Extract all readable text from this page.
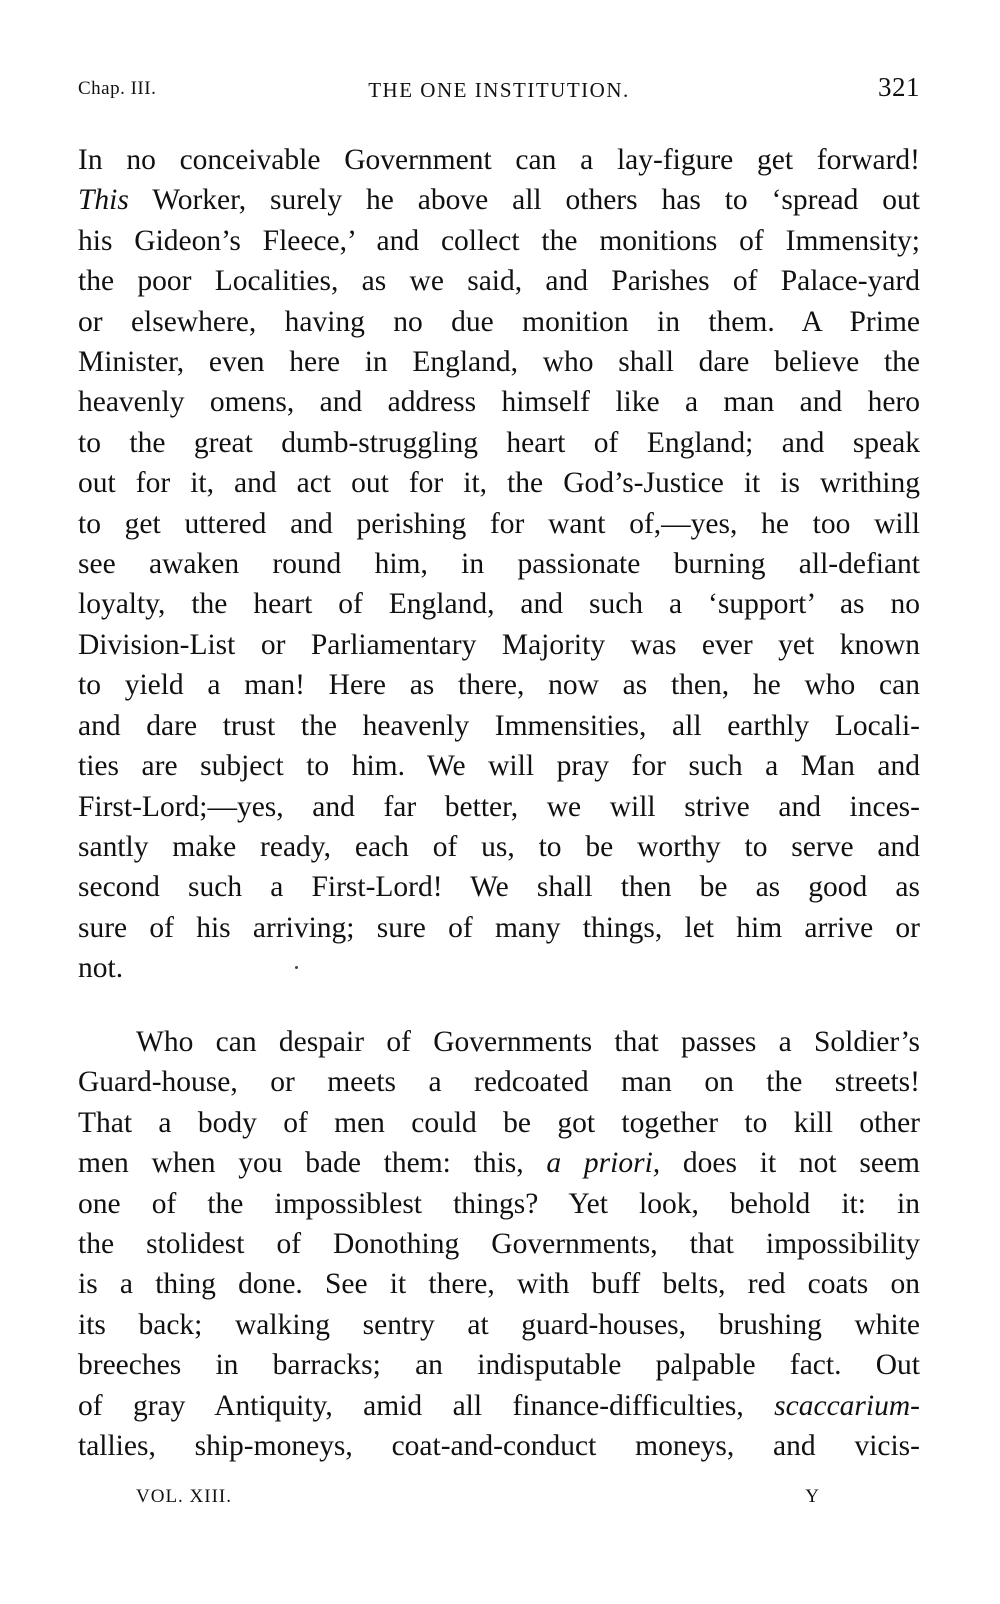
Chap. III.	THE ONE INSTITUTION.	321
In no conceivable Government can a lay-figure get forward!
This Worker, surely he above all others has to ‘spread out
his Gideon’s Fleece,’ and collect the monitions of Immensity;
the poor Localities, as we said, and Parishes of Palace-yard
or elsewhere, having no due monition in them. A Prime
Minister, even here in England, who shall dare believe the
heavenly omens, and address himself like a man and hero
to the great dumb-struggling heart of England; and speak
out for it, and act out for it, the God’s-Justice it is writhing
to get uttered and perishing for want of,—yes, he too will
see awaken round him, in passionate burning all-defiant
loyalty, the heart of England, and such a ‘support’ as no
Division-List or Parliamentary Majority was ever yet known
to yield a man! Here as there, now as then, he who can
and dare trust the heavenly Immensities, all earthly Locali-
ties are subject to him. We will pray for such a Man and
First-Lord;—yes, and far better, we will strive and inces-
santly make ready, each of us, to be worthy to serve and
second such a First-Lord! We shall then be as good as
sure of his arriving; sure of many things, let him arrive or
not.
Who can despair of Governments that passes a Soldier’s
Guard-house, or meets a redcoated man on the streets!
That a body of men could be got together to kill other
men when you bade them: this, a priori, does it not seem
one of the impossiblest things? Yet look, behold it: in
the stolidest of Donothing Governments, that impossibility
is a thing done. See it there, with buff belts, red coats on
its back; walking sentry at guard-houses, brushing white
breeches in barracks; an indisputable palpable fact. Out
of gray Antiquity, amid all finance-difficulties, scaccarium-
tallies, ship-moneys, coat-and-conduct moneys, and vicis-
VOL. XIII.	Y
